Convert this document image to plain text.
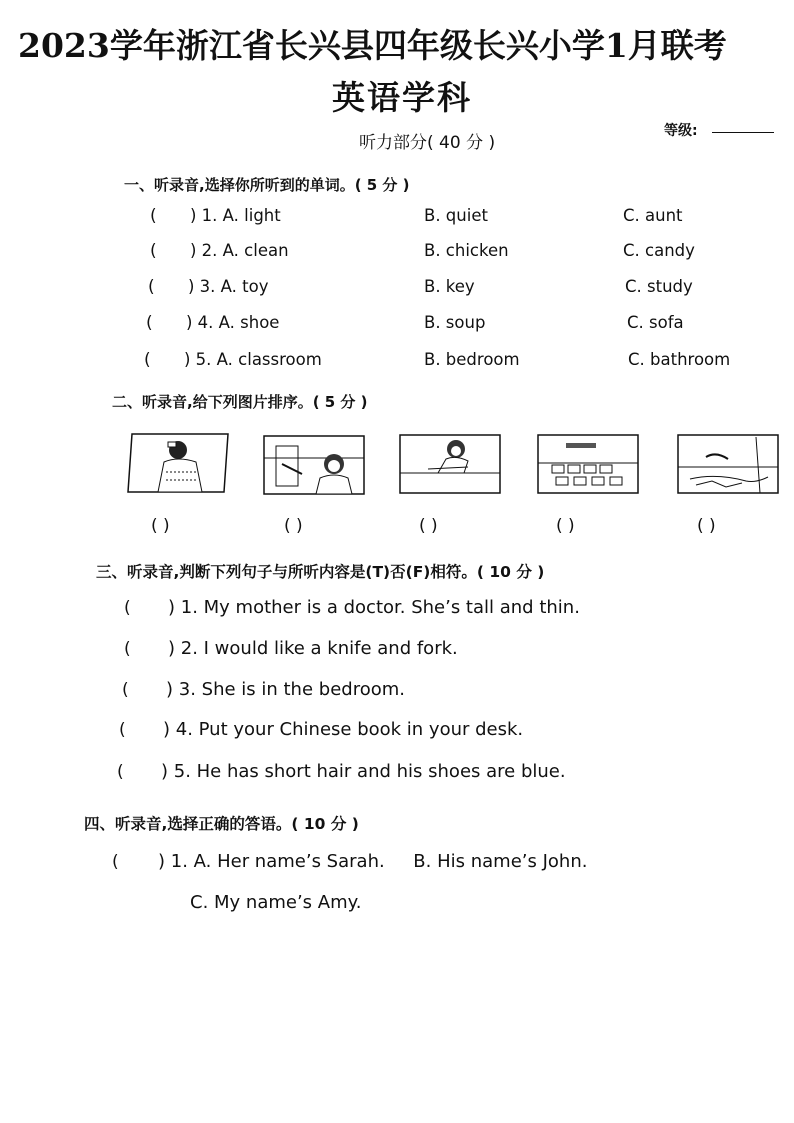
2023学年浙江省长兴县四年级长兴小学1月联考
英语学科
听力部分( 40 分 )
等级:
一、听录音,选择你所听到的单词。( 5 分 )
( ) 1. A. light	B. quiet	C. aunt
( ) 2. A. clean	B. chicken	C. candy
( ) 3. A. toy	B. key	C. study
( ) 4. A. shoe	B. soup	C. sofa
( ) 5. A. classroom	B. bedroom	C. bathroom
二、听录音,给下列图片排序。( 5 分 )
( )	( )	( )	( )	( )
三、听录音,判断下列句子与所听内容是(T)否(F)相符。( 10 分 )
( ) 1. My mother is a doctor. She’s tall and thin.
( ) 2. I would like a knife and fork.
( ) 3. She is in the bedroom.
( ) 4. Put your Chinese book in your desk.
( ) 5. He has short hair and his shoes are blue.
四、听录音,选择正确的答语。( 10 分 )
( ) 1. A. Her name’s Sarah.     B. His name’s John.
C. My name’s Amy.
